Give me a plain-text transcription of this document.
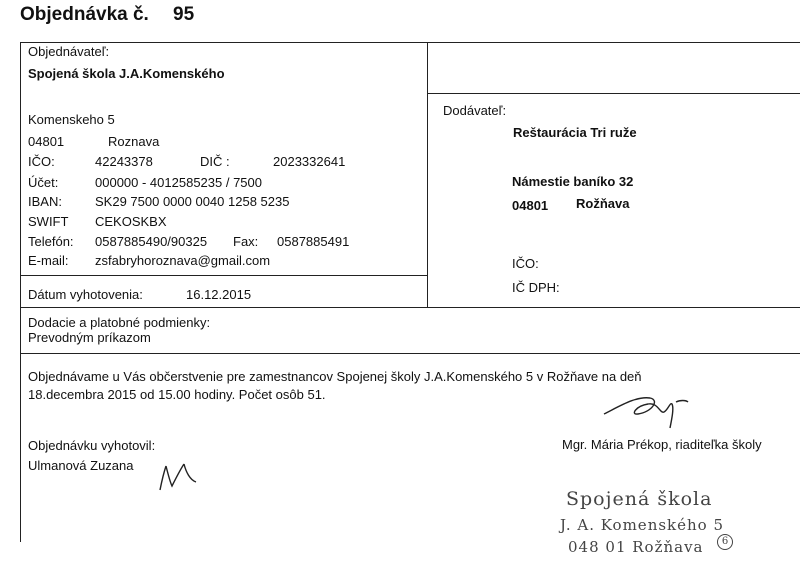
Objednávka č. 95
Objednávateľ:
Spojená škola J.A.Komenského
Komenskeho 5
04801	Roznava
IČO:	42243378	DIČ :	2023332641
Účet:	000000 - 4012585235 / 7500
IBAN:	SK29 7500 0000 0040 1258 5235
SWIFT CEKOSKBX
Telefón: 0587885490/90325 Fax: 0587885491
E-mail: zsfabryhoroznava@gmail.com
Dátum vyhotovenia:	16.12.2015
Dodávateľ:
Reštaurácia Tri ruže
Námestie baníko 32
04801 Rožňava
IČO:
IČ DPH:
Dodacie a platobné podmienky:
Prevodným príkazom
Objednávame u Vás občerstvenie pre zamestnancov Spojenej školy J.A.Komenského 5 v Rožňave na deň
18.decembra 2015 od 15.00 hodiny. Počet osôb 51.
Objednávku vyhotovil:
Ulmanová Zuzana
Mgr. Mária Prékop, riaditeľka školy
Spojená škola
J. A. Komenského 5
048 01 Rožňava	6
